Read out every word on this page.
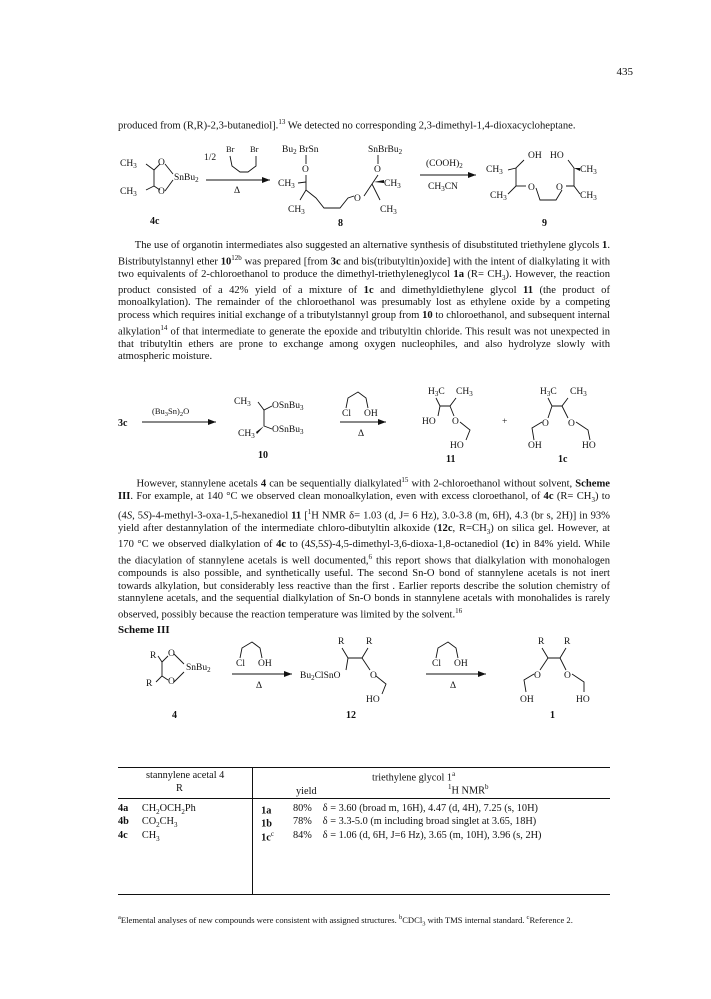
435
produced from (R,R)-2,3-butanediol].$^{13}$ We detected no corresponding 2,3-dimethyl-1,4-dioxacycloheptane.
$CH_3$
$CH_3$
O
O
SnBu$_2$
4c
1/2
Br Br
Δ
$Bu_2$ BrSn	SnBrBu$_2$
O	O
$CH_3$
$CH_3$
$CH_3$
$CH_3$
O
8
$(COOH)_2$
$CH_3CN$
$CH_3$
$CH_3$
OH HO
O O
$CH_3$
$CH_3$
9
The use of organotin intermediates also suggested an alternative synthesis of disubstituted triethylene glycols 1. Bistributylstannyl ether $10^{12b}$ was prepared [from 3c and bis(tributyltin)oxide] with the intent of dialkylating it with two equivalents of 2-chloroethanol to produce the dimethyl-triethyleneglycol 1a $(R= CH_3)$. However, the reaction product consisted of a 42% yield of a mixture of 1c and dimethyldiethylene glycol 11 (the product of monoalkylation). The remainder of the chloroethanol was presumably lost as ethylene oxide by a competing process which requires initial exchange of a tributylstannyl group from 10 to chloroethanol, and subsequent internal alkylation$^{14}$ of that intermediate to generate the epoxide and tributyltin chloride. This result was not unexpected in that tributyltin ethers are prone to exchange among oxygen nucleophiles, and also hydrolyze slowly with atmospheric moisture.
3c
$(Bu_3Sn)_2O$
$CH_3$
$CH_3$
OSnBu$_3$
OSnBu$_3$
10
Cl OH
Δ
$H_3C$ $CH_3$
HO O
HO
11
+
$H_3C$ $CH_3$
O O
OH	HO
1c
However, stannylene acetals 4 can be sequentially dialkylated$^{15}$ with 2-chloroethanol without solvent, Scheme III. For example, at 140 °C we observed clean monoalkylation, even with excess cloroethanol, of 4c $(R= CH_3)$ to (4S, 5S)-4-methyl-3-oxa-1,5-hexanediol 11 [$^1$H NMR δ= 1.03 (d, J= 6 Hz), 3.0-3.8 (m, 6H), 4.3 (br s, 2H)] in 93% yield after destannylation of the intermediate chloro-dibutyltin alkoxide (12c, $R=CH_3$) on silica gel. However, at 170 °C we observed dialkylation of 4c to (4S,5S)-4,5-dimethyl-3,6-dioxa-1,8-octanediol (1c) in 84% yield. While the diacylation of stannylene acetals is well documented,$^6$ this report shows that dialkylation with monohalogen compounds is also possible, and synthetically useful. The second Sn-O bond of stannylene acetals is not inert towards alkylation, but considerably less reactive than the first . Earlier reports describe the solution chemistry of stannylene acetals, and the sequential dialkylation of Sn-O bonds in stannylene acetals with monohalides is rarely observed, possibly because the reaction temperature was limited by the solvent.$^{16}$
Scheme III
R
R
O
O
SnBu$_2$
4
Cl OH
Δ
R R
$Bu_2ClSnO$	O
HO
12
Cl OH
Δ
R R
O O
OH	HO
1
stannylene acetal 4
R
triethylene glycol 1$^a$
yield	$^1$H NMR$^b$
4a	$CH_2OCH_2Ph$	1a	80%	δ = 3.60 (broad m, 16H), 4.47 (d, 4H), 7.25 (s, 10H)
4b	$CO_2CH_3$	1b	78%	δ = 3.3-5.0 (m including broad singlet at 3.65, 18H)
4c	$CH_3$	$1c^c$	84%	δ = 1.06 (d, 6H, J=6 Hz), 3.65 (m, 10H), 3.96 (s, 2H)
$^a$Elemental analyses of new compounds were consistent with assigned structures. $^b$CDCl$_3$ with TMS internal standard. $^c$Reference 2.
